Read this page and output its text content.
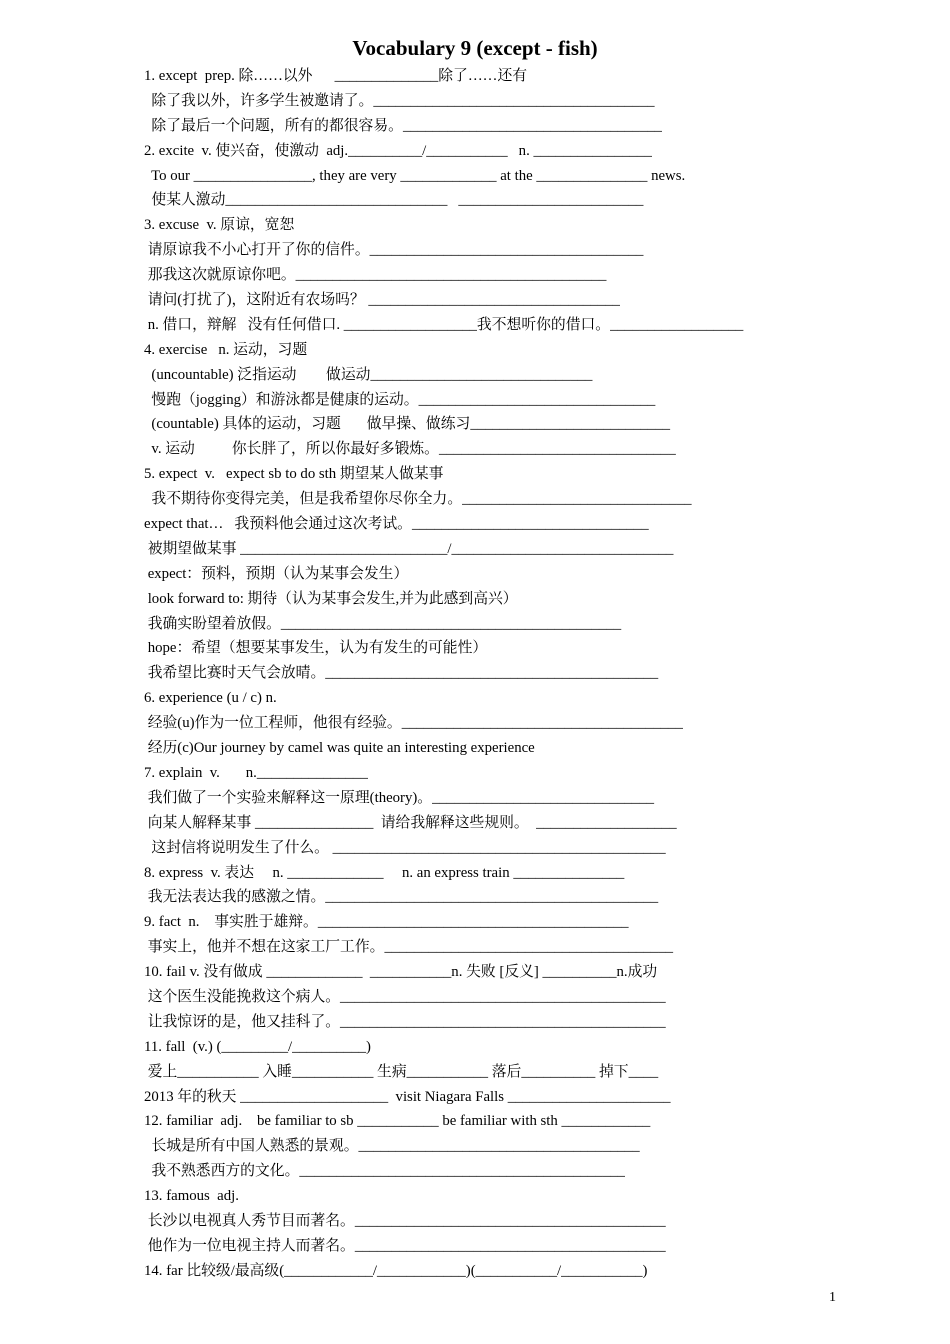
Vocabulary 9 (except - fish)
1. except  prep. 除……以外      ______________除了……还有
除了我以外，许多学生被邀请了。______________________________________
除了最后一个问题，所有的都很容易。___________________________________
2. excite  v. 使兴奋，使激动  adj.__________/___________   n. ________________
To our ________________, they are very _____________ at the _______________ news.
使某人激动______________________________   _________________________
3. excuse  v. 原谅，宽恕
请原谅我不小心打开了你的信件。_____________________________________
那我这次就原谅你吧。__________________________________________
请问(打扰了)，这附近有农场吗？ __________________________________
n. 借口，辩解   没有任何借口. __________________我不想听你的借口。__________________
4. exercise   n. 运动，习题
(uncountable) 泛指运动        做运动______________________________
慢跑（jogging）和游泳都是健康的运动。________________________________
(countable) 具体的运动，习题       做早操、做练习___________________________
v. 运动          你长胖了，所以你最好多锻炼。________________________________
5. expect  v.   expect sb to do sth 期望某人做某事
我不期待你变得完美，但是我希望你尽你全力。_______________________________
expect that…   我预料他会通过这次考试。________________________________
被期望做某事 ____________________________/______________________________
expect：预料，预期（认为某事会发生）
look forward to: 期待（认为某事会发生,并为此感到高兴）
我确实盼望着放假。______________________________________________
hope：希望（想要某事发生，认为有发生的可能性）
我希望比赛时天气会放晴。_____________________________________________
6. experience (u / c) n.
经验(u)作为一位工程师，他很有经验。______________________________________
经历(c)Our journey by camel was quite an interesting experience
7. explain  v.       n._______________
我们做了一个实验来解释这一原理(theory)。______________________________
向某人解释某事 ________________  请给我解释这些规则。  ___________________
这封信将说明发生了什么。 _____________________________________________
8. express  v. 表达     n. _____________     n. an express train _______________
我无法表达我的感激之情。_____________________________________________
9. fact  n.    事实胜于雄辩。__________________________________________
事实上，他并不想在这家工厂工作。_______________________________________
10. fail v. 没有做成 _____________  ___________n. 失败 [反义] __________n.成功
这个医生没能挽救这个病人。____________________________________________
让我惊讶的是，他又挂科了。____________________________________________
11. fall  (v.) (_________/__________)
爱上___________ 入睡___________ 生病___________ 落后__________ 掉下____
2013 年的秋天 ____________________  visit Niagara Falls ______________________
12. familiar  adj.    be familiar to sb ___________ be familiar with sth ____________
长城是所有中国人熟悉的景观。______________________________________
我不熟悉西方的文化。____________________________________________
13. famous  adj.
长沙以电视真人秀节目而著名。__________________________________________
他作为一位电视主持人而著名。__________________________________________
14. far 比较级/最高级(____________/____________)(___________/___________)
1
